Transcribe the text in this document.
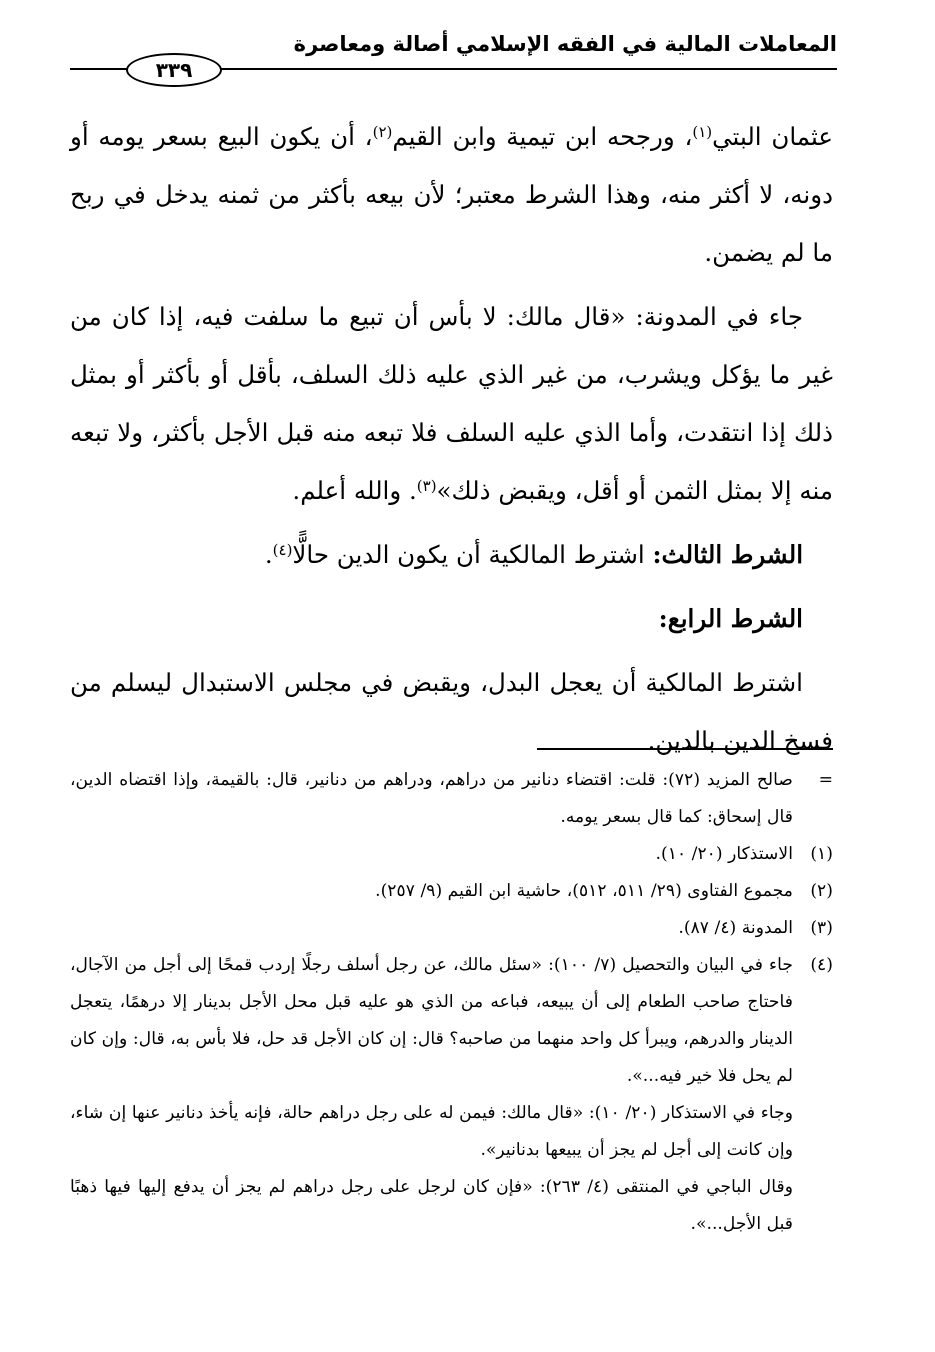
المعاملات المالية في الفقه الإسلامي أصالة ومعاصرة
٣٣٩

عثمان البتي$^{(١)}$، ورجحه ابن تيمية وابن القيم$^{(٢)}$، أن يكون البيع بسعر يومه أو دونه، لا أكثر منه، وهذا الشرط معتبر؛ لأن بيعه بأكثر من ثمنه يدخل في ربح ما لم يضمن.

جاء في المدونة: «قال مالك: لا بأس أن تبيع ما سلفت فيه، إذا كان من غير ما يؤكل ويشرب، من غير الذي عليه ذلك السلف، بأقل أو بأكثر أو بمثل ذلك إذا انتقدت، وأما الذي عليه السلف فلا تبعه منه قبل الأجل بأكثر، ولا تبعه منه إلا بمثل الثمن أو أقل، ويقبض ذلك»$^{(٣)}$. والله أعلم.

الشرط الثالث: اشترط المالكية أن يكون الدين حالًّا$^{(٤)}$.

الشرط الرابع:

اشترط المالكية أن يعجل البدل، ويقبض في مجلس الاستبدال ليسلم من فسخ الدين بالدين.

=
صالح المزيد (٧٢): قلت: اقتضاء دنانير من دراهم، ودراهم من دنانير، قال: بالقيمة، وإذا اقتضاه الدين، قال إسحاق: كما قال بسعر يومه.
(١)
الاستذكار (٢٠/ ١٠).
(٢)
مجموع الفتاوى (٢٩/ ٥١١، ٥١٢)، حاشية ابن القيم (٩/ ٢٥٧).
(٣)
المدونة (٤/ ٨٧).
(٤)
جاء في البيان والتحصيل (٧/ ١٠٠): «سئل مالك، عن رجل أسلف رجلًا إردب قمحًا إلى أجل من الآجال، فاحتاج صاحب الطعام إلى أن يبيعه، فباعه من الذي هو عليه قبل محل الأجل بدينار إلا درهمًا، يتعجل الدينار والدرهم، ويبرأ كل واحد منهما من صاحبه؟ قال: إن كان الأجل قد حل، فلا بأس به، قال: وإن كان لم يحل فلا خير فيه...».
وجاء في الاستذكار (٢٠/ ١٠): «قال مالك: فيمن له على رجل دراهم حالة، فإنه يأخذ دنانير عنها إن شاء، وإن كانت إلى أجل لم يجز أن يبيعها بدنانير».
وقال الباجي في المنتقى (٤/ ٢٦٣): «فإن كان لرجل على رجل دراهم لم يجز أن يدفع إليها فيها ذهبًا قبل الأجل...».
